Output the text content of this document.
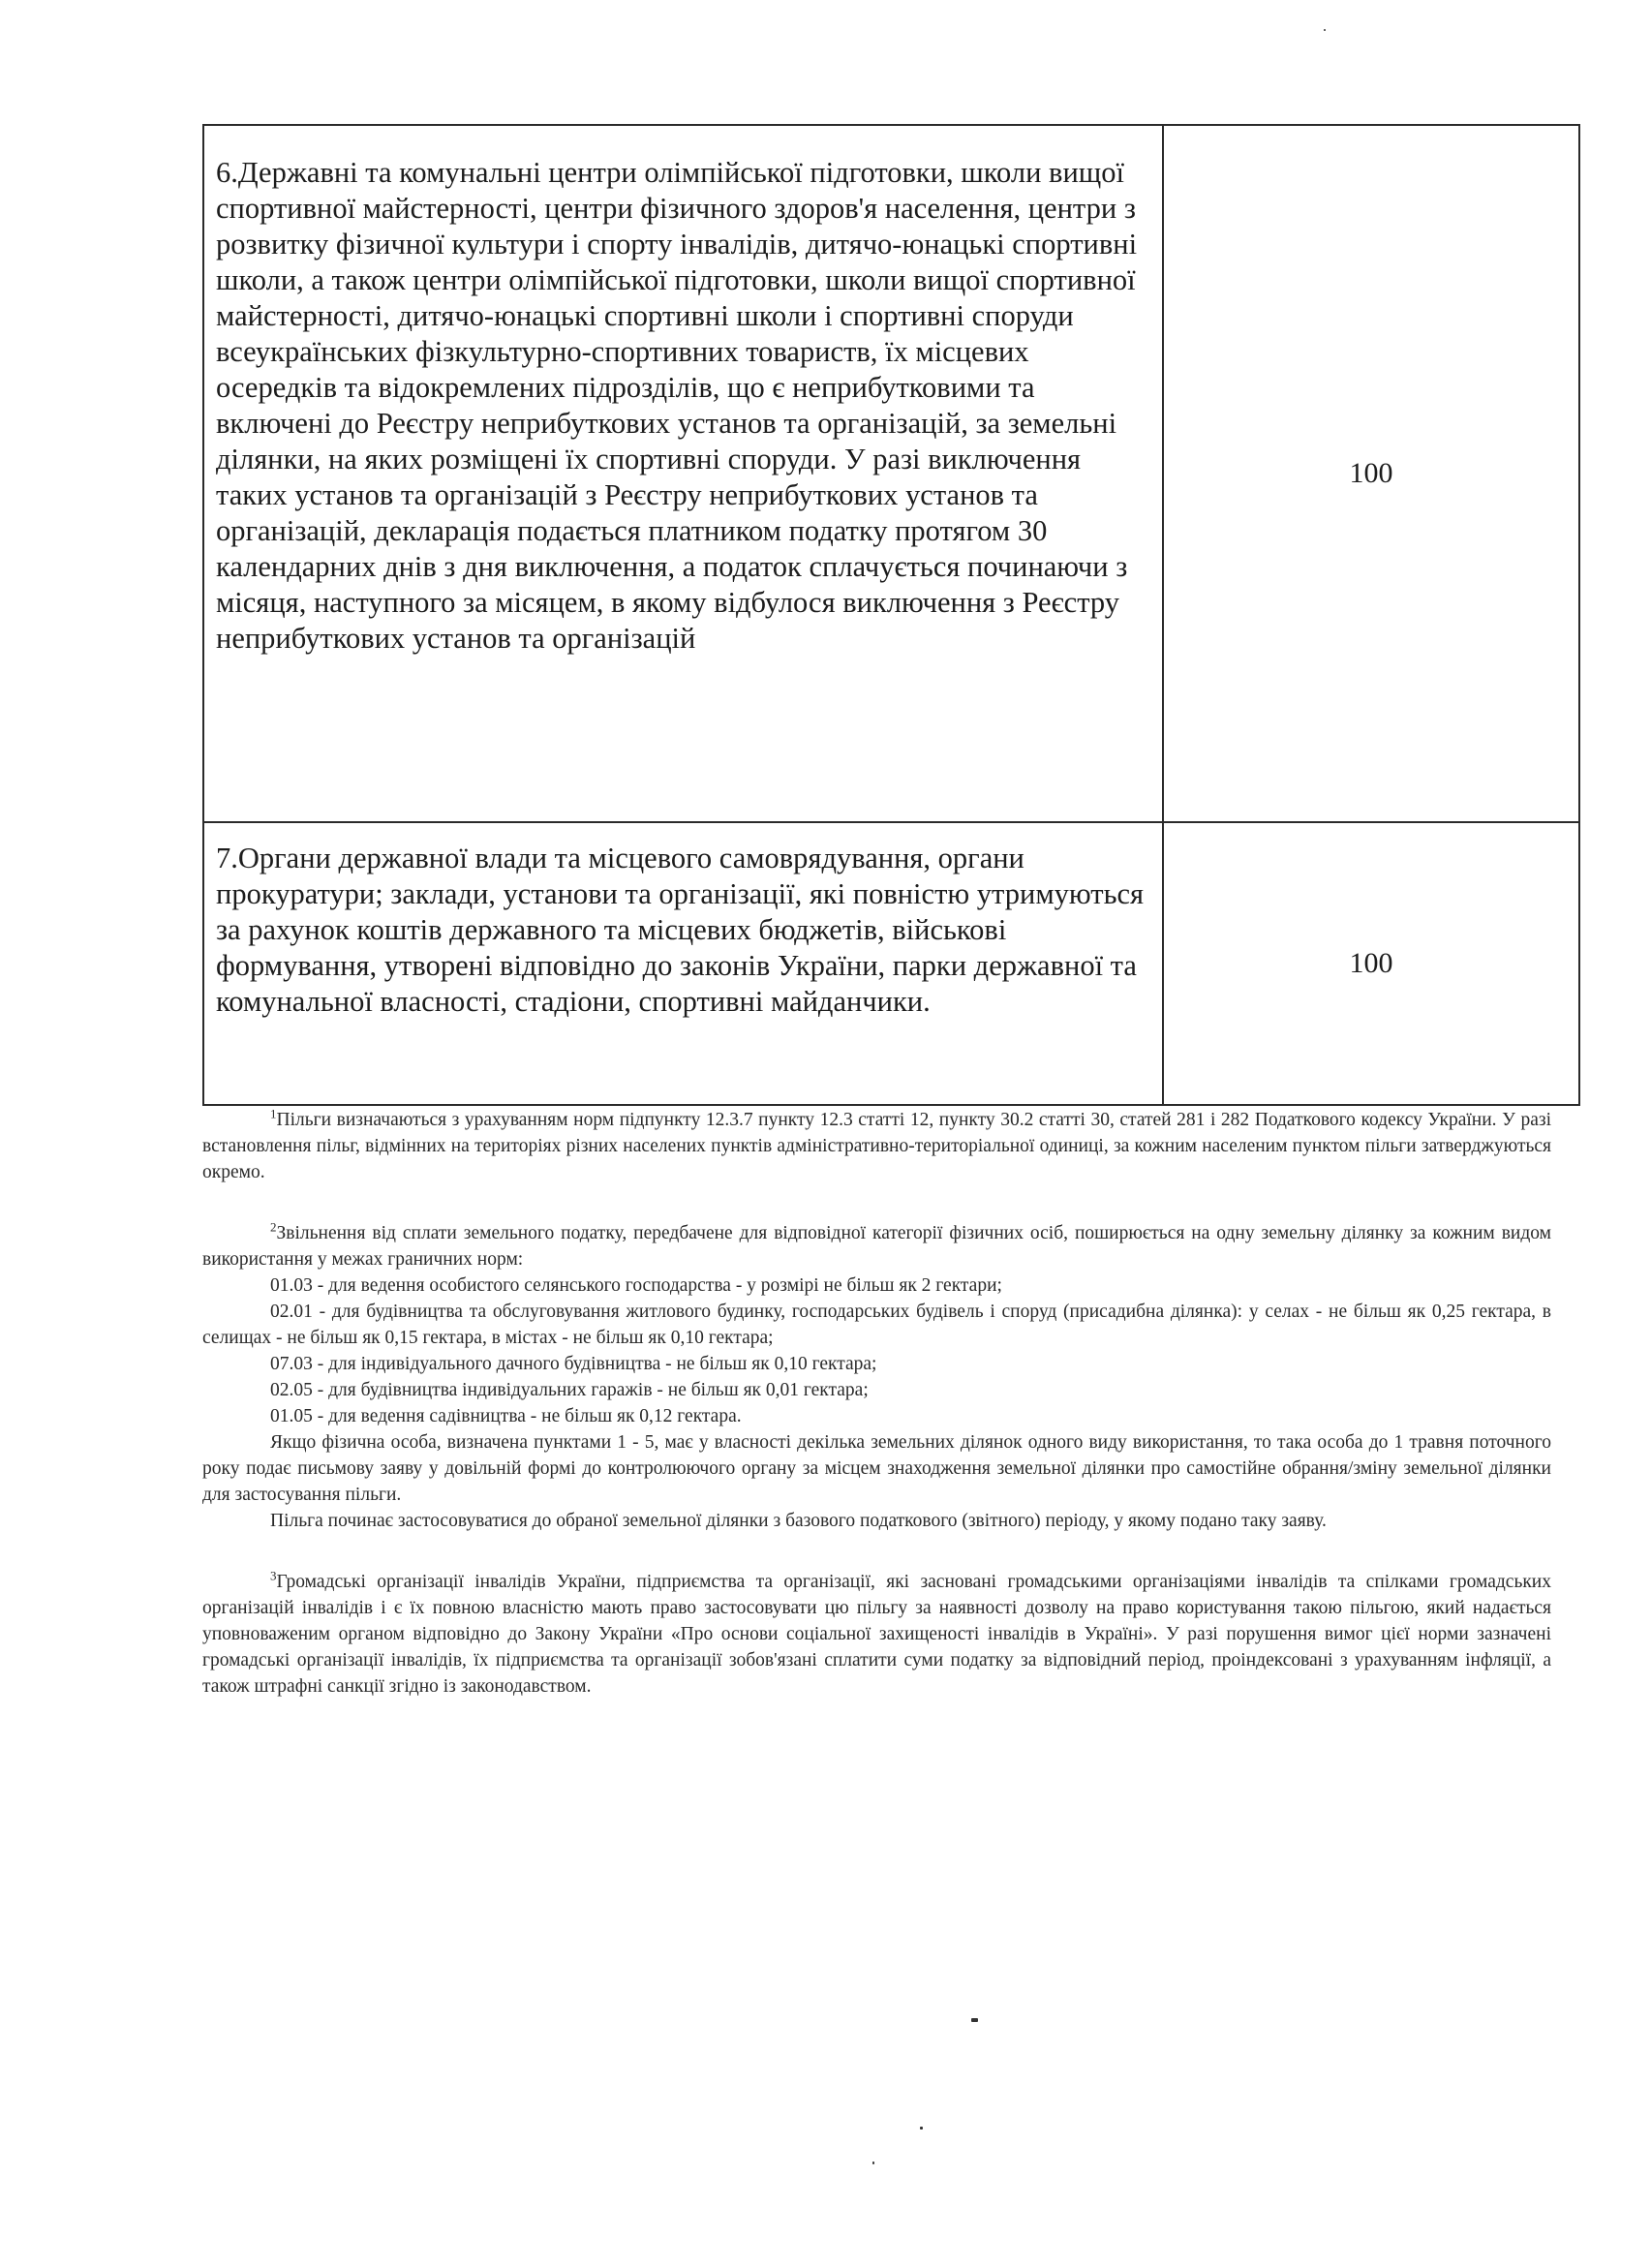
6.Державні та комунальні центри олімпійської підготовки, школи вищої спортивної майстерності, центри фізичного здоров'я населення, центри з розвитку фізичної культури і спорту інвалідів, дитячо-юнацькі спортивні школи, а також центри олімпійської підготовки, школи вищої спортивної майстерності, дитячо-юнацькі спортивні школи і спортивні споруди всеукраїнських фізкультурно-спортивних товариств, їх місцевих осередків та відокремлених підрозділів, що є неприбутковими та включені до Реєстру неприбуткових установ та організацій, за земельні ділянки, на яких розміщені їх спортивні споруди. У разі виключення таких установ та організацій з Реєстру неприбуткових установ та організацій, декларація подається платником податку протягом 30 календарних днів з дня виключення, а податок сплачується починаючи з місяця, наступного за місяцем, в якому відбулося виключення з Реєстру неприбуткових установ та організацій	100
7.Органи державної влади та місцевого самоврядування, органи прокуратури; заклади, установи та організації, які повністю утримуються за рахунок коштів державного та місцевих бюджетів, військові формування, утворені відповідно до законів України, парки державної та комунальної власності, стадіони, спортивні майданчики.	100

$^1$Пільги визначаються з урахуванням норм підпункту 12.3.7 пункту 12.3 статті 12, пункту 30.2 статті 30, статей 281 і 282 Податкового кодексу України. У разі встановлення пільг, відмінних на територіях різних населених пунктів адміністративно-територіальної одиниці, за кожним населеним пунктом пільги затверджуються окремо.

$^2$Звільнення від сплати земельного податку, передбачене для відповідної категорії фізичних осіб, поширюється на одну земельну ділянку за кожним видом використання у межах граничних норм:

01.03 - для ведення особистого селянського господарства - у розмірі не більш як 2 гектари;

02.01 - для будівництва та обслуговування житлового будинку, господарських будівель і споруд (присадибна ділянка): у селах - не більш як 0,25 гектара, в селищах - не більш як 0,15 гектара, в містах - не більш як 0,10 гектара;

07.03 - для індивідуального дачного будівництва - не більш як 0,10 гектара;

02.05 - для будівництва індивідуальних гаражів - не більш як 0,01 гектара;

01.05 - для ведення садівництва - не більш як 0,12 гектара.

Якщо фізична особа, визначена пунктами 1 - 5, має у власності декілька земельних ділянок одного виду використання, то така особа до 1 травня поточного року подає письмову заяву у довільній формі до контролюючого органу за місцем знаходження земельної ділянки про самостійне обрання/зміну земельної ділянки для застосування пільги.

Пільга починає застосовуватися до обраної земельної ділянки з базового податкового (звітного) періоду, у якому подано таку заяву.

$^3$Громадські організації інвалідів України, підприємства та організації, які засновані громадськими організаціями інвалідів та спілками громадських організацій інвалідів і є їх повною власністю мають право застосовувати цю пільгу за наявності дозволу на право користування такою пільгою, який надається уповноваженим органом відповідно до Закону України «Про основи соціальної захищеності інвалідів в Україні». У разі порушення вимог цієї норми зазначені громадські організації інвалідів, їх підприємства та організації зобов'язані сплатити суми податку за відповідний період, проіндексовані з урахуванням інфляції, а також штрафні санкції згідно із законодавством.
